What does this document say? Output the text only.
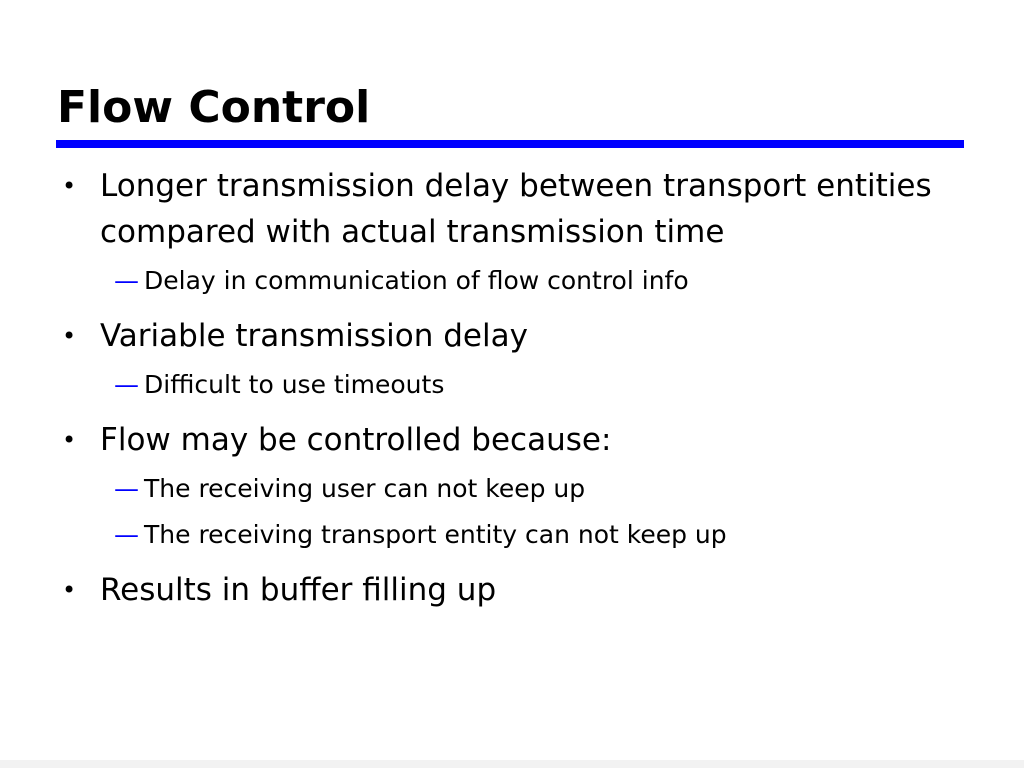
Flow Control
• Longer transmission delay between transport entities compared with actual transmission time
— Delay in communication of flow control info
• Variable transmission delay
— Difficult to use timeouts
• Flow may be controlled because:
— The receiving user can not keep up
— The receiving transport entity can not keep up
• Results in buffer filling up
